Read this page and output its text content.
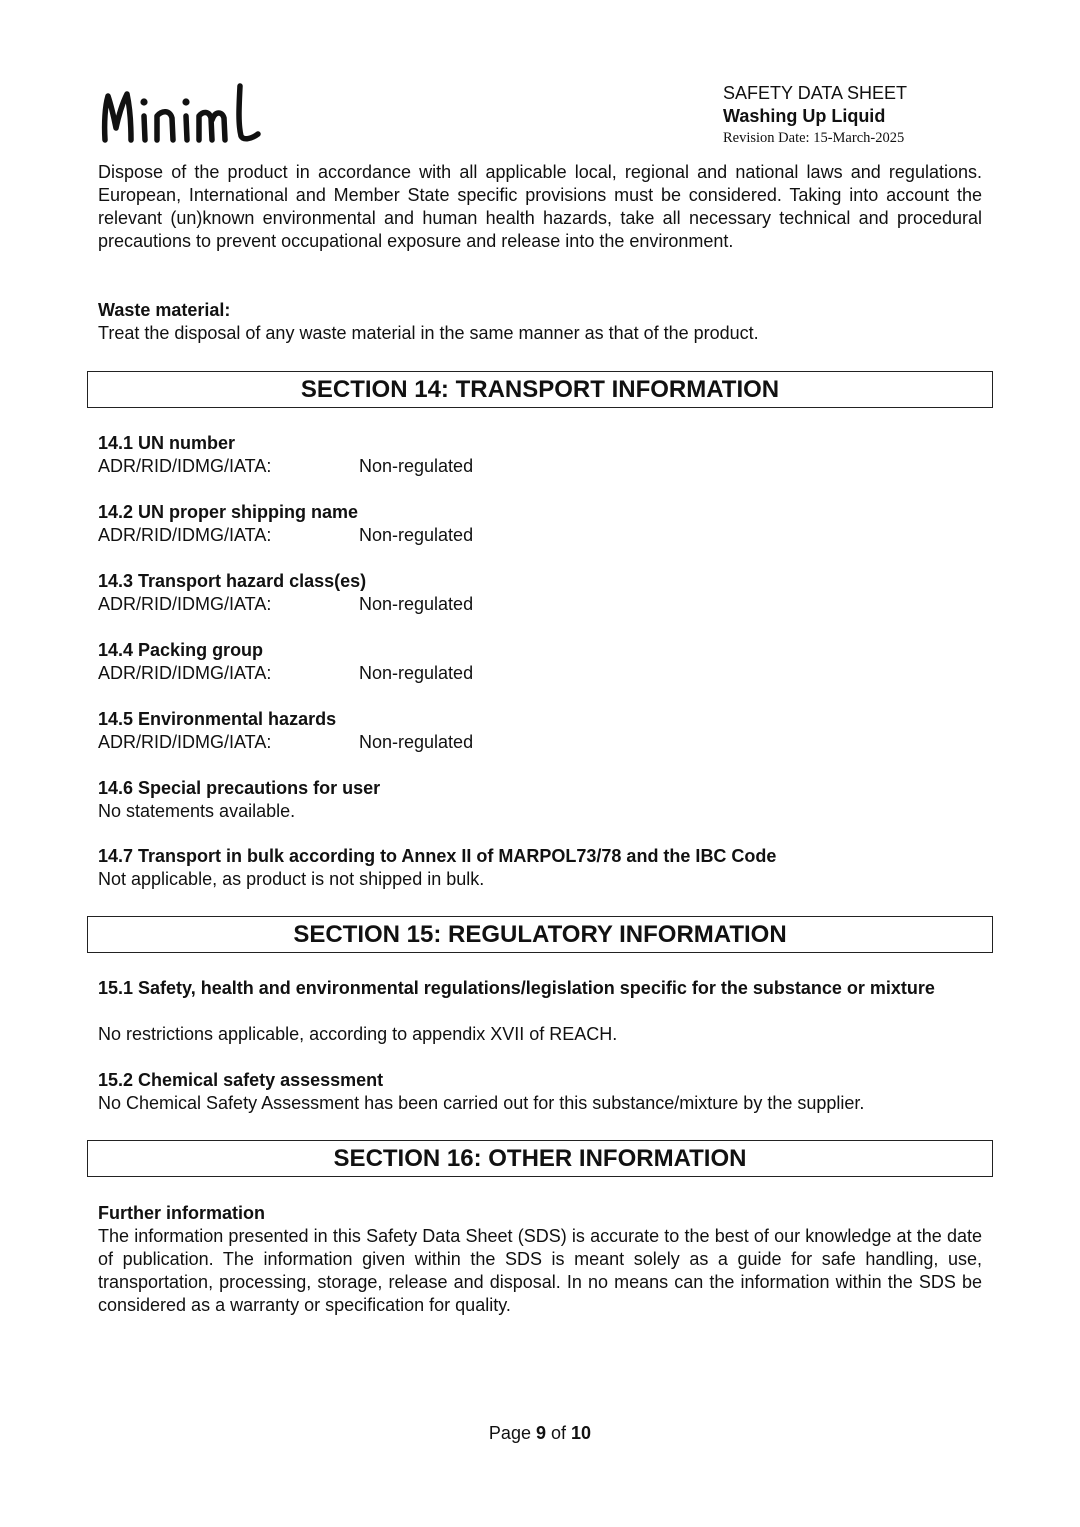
SAFETY DATA SHEET
Washing Up Liquid
Revision Date: 15-March-2025
Dispose of the product in accordance with all applicable local, regional and national laws and regulations. European, International and Member State specific provisions must be considered. Taking into account the relevant (un)known environmental and human health hazards, take all necessary technical and procedural precautions to prevent occupational exposure and release into the environment.
Waste material:
Treat the disposal of any waste material in the same manner as that of the product.
SECTION 14: TRANSPORT INFORMATION
14.1 UN number
ADR/RID/IDMG/IATA:	Non-regulated
14.2 UN proper shipping name
ADR/RID/IDMG/IATA:	Non-regulated
14.3 Transport hazard class(es)
ADR/RID/IDMG/IATA:	Non-regulated
14.4 Packing group
ADR/RID/IDMG/IATA:	Non-regulated
14.5 Environmental hazards
ADR/RID/IDMG/IATA:	Non-regulated
14.6 Special precautions for user
No statements available.
14.7 Transport in bulk according to Annex II of MARPOL73/78 and the IBC Code
Not applicable, as product is not shipped in bulk.
SECTION 15: REGULATORY INFORMATION
15.1 Safety, health and environmental regulations/legislation specific for the substance or mixture
No restrictions applicable, according to appendix XVII of REACH.
15.2 Chemical safety assessment
No Chemical Safety Assessment has been carried out for this substance/mixture by the supplier.
SECTION 16: OTHER INFORMATION
Further information
The information presented in this Safety Data Sheet (SDS) is accurate to the best of our knowledge at the date of publication. The information given within the SDS is meant solely as a guide for safe handling, use, transportation, processing, storage, release and disposal. In no means can the information within the SDS be considered as a warranty or specification for quality.
Page 9 of 10
